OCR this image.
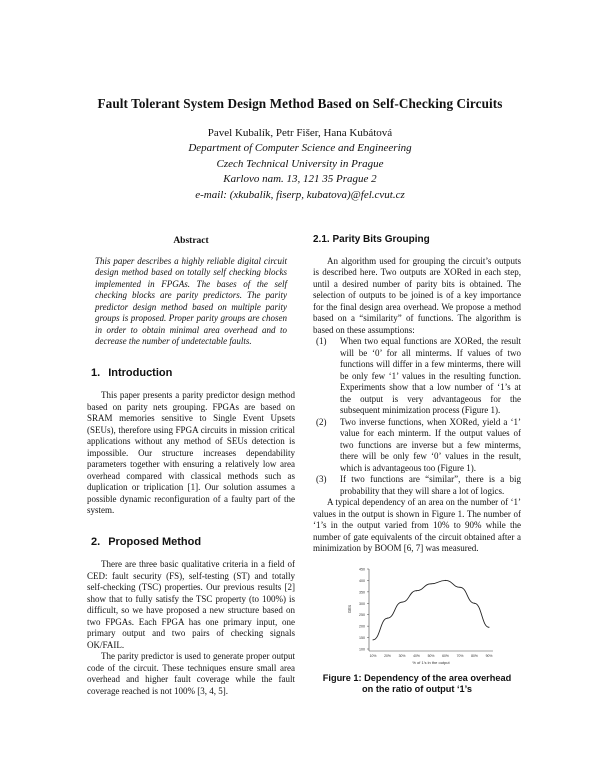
Fault Tolerant System Design Method Based on Self-Checking Circuits
Pavel Kubalík, Petr Fišer, Hana Kubátová
Department of Computer Science and Engineering
Czech Technical University in Prague
Karlovo nam. 13, 121 35 Prague 2
e-mail: (xkubalik, fiserp, kubatova)@fel.cvut.cz
Abstract
This paper describes a highly reliable digital circuit design method based on totally self checking blocks implemented in FPGAs. The bases of the self checking blocks are parity predictors. The parity predictor design method based on multiple parity groups is proposed. Proper parity groups are chosen in order to obtain minimal area overhead and to decrease the number of undetectable faults.
1. Introduction

This paper presents a parity predictor design method based on parity nets grouping. FPGAs are based on SRAM memories sensitive to Single Event Upsets (SEUs), therefore using FPGA circuits in mission critical applications without any method of SEUs detection is impossible. Our structure increases dependability parameters together with ensuring a relatively low area overhead compared with classical methods such as duplication or triplication [1]. Our solution assumes a possible dynamic reconfiguration of a faulty part of the system.

2. Proposed Method

There are three basic qualitative criteria in a field of CED: fault security (FS), self-testing (ST) and totally self-checking (TSC) properties. Our previous results [2] show that to fully satisfy the TSC property (to 100%) is difficult, so we have proposed a new structure based on two FPGAs. Each FPGA has one primary input, one primary output and two pairs of checking signals OK/FAIL.

The parity predictor is used to generate proper output code of the circuit. These techniques ensure small area overhead and higher fault coverage while the fault coverage reached is not 100% [3, 4, 5].

2.1. Parity Bits Grouping

An algorithm used for grouping the circuit’s outputs is described here. Two outputs are XORed in each step, until a desired number of parity bits is obtained. The selection of outputs to be joined is of a key importance for the final design area overhead. We propose a method based on a “similarity” of functions. The algorithm is based on these assumptions:

(1) When two equal functions are XORed, the result will be ‘0’ for all minterms. If values of two functions will differ in a few minterms, there will be only few ‘1’ values in the resulting function. Experiments show that a low number of ‘1’s at the output is very advantageous for the subsequent minimization process (Figure 1).
(2) Two inverse functions, when XORed, yield a ‘1’ value for each minterm. If the output values of two functions are inverse but a few minterms, there will be only few ‘0’ values in the result, which is advantageous too (Figure 1).
(3) If two functions are “similar”, there is a big probability that they will share a lot of logics.

A typical dependency of an area on the number of ‘1’ values in the output is shown in Figure 1. The number of ‘1’s in the output varied from 10% to 90% while the number of gate equivalents of the circuit obtained after a minimization by BOOM [6, 7] was measured.

100
150
200
250
300
350
400
450
10% 20% 30% 40% 50% 60% 70% 80% 90%
GEs
% of 1's in the output
Figure 1: Dependency of the area overhead
on the ratio of output ‘1’s
